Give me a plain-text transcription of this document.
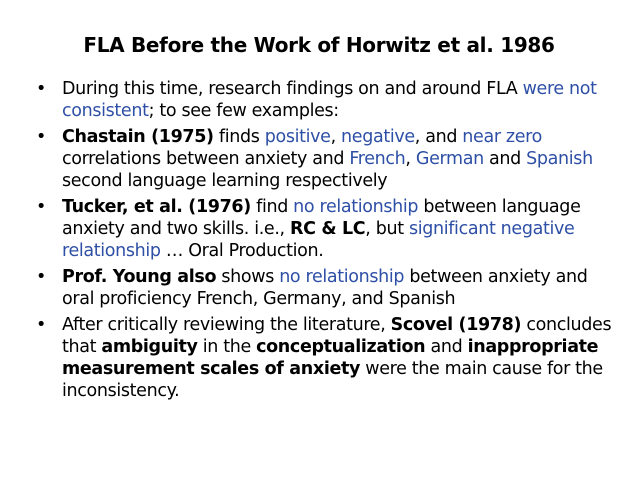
FLA Before the Work of Horwitz et al. 1986
• During this time, research findings on and around FLA were not consistent; to see few examples:
• Chastain (1975) finds positive, negative, and near zero correlations between anxiety and French, German and Spanish second language learning respectively
• Tucker, et al. (1976) find no relationship between language anxiety and two skills. i.e., RC & LC, but significant negative relationship … Oral Production.
• Prof. Young also shows no relationship between anxiety and oral proficiency French, Germany, and Spanish
• After critically reviewing the literature, Scovel (1978) concludes that ambiguity in the conceptualization and inappropriate measurement scales of anxiety were the main cause for the inconsistency.
